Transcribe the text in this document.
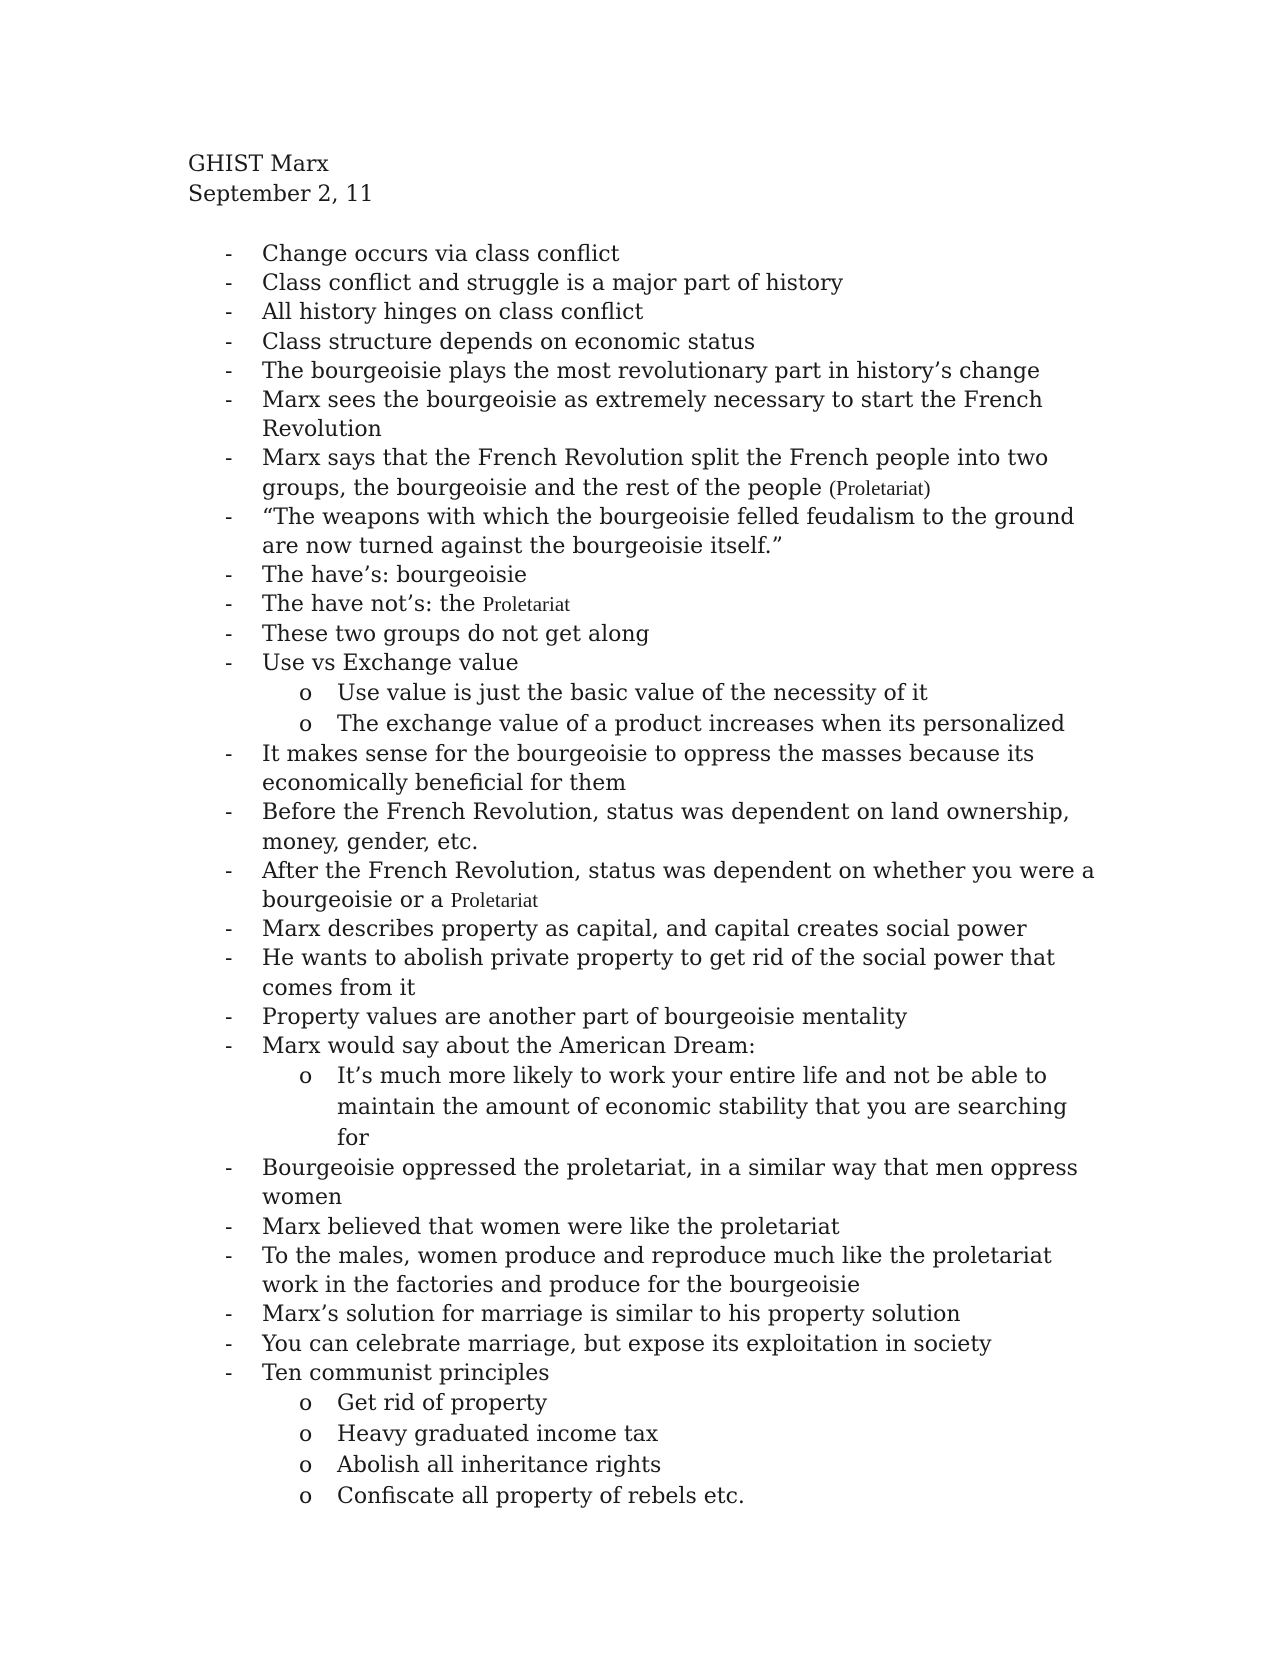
GHIST Marx
September 2, 11
-	Change occurs via class conflict
-	Class conflict and struggle is a major part of history
-	All history hinges on class conflict
-	Class structure depends on economic status
-	The bourgeoisie plays the most revolutionary part in history’s change
-	Marx sees the bourgeoisie as extremely necessary to start the French Revolution
-	Marx says that the French Revolution split the French people into two groups, the bourgeoisie and the rest of the people (Proletariat)
-	“The weapons with which the bourgeoisie felled feudalism to the ground are now turned against the bourgeoisie itself.”
-	The have’s: bourgeoisie
-	The have not’s: the Proletariat
-	These two groups do not get along
-	Use vs Exchange value
o	Use value is just the basic value of the necessity of it
o	The exchange value of a product increases when its personalized
-	It makes sense for the bourgeoisie to oppress the masses because its economically beneficial for them
-	Before the French Revolution, status was dependent on land ownership, money, gender, etc.
-	After the French Revolution, status was dependent on whether you were a bourgeoisie or a Proletariat
-	Marx describes property as capital, and capital creates social power
-	He wants to abolish private property to get rid of the social power that comes from it
-	Property values are another part of bourgeoisie mentality
-	Marx would say about the American Dream:
o	It’s much more likely to work your entire life and not be able to maintain the amount of economic stability that you are searching for
-	Bourgeoisie oppressed the proletariat, in a similar way that men oppress women
-	Marx believed that women were like the proletariat
-	To the males, women produce and reproduce much like the proletariat work in the factories and produce for the bourgeoisie
-	Marx’s solution for marriage is similar to his property solution
-	You can celebrate marriage, but expose its exploitation in society
-	Ten communist principles
o	Get rid of property
o	Heavy graduated income tax
o	Abolish all inheritance rights
o	Confiscate all property of rebels etc.
